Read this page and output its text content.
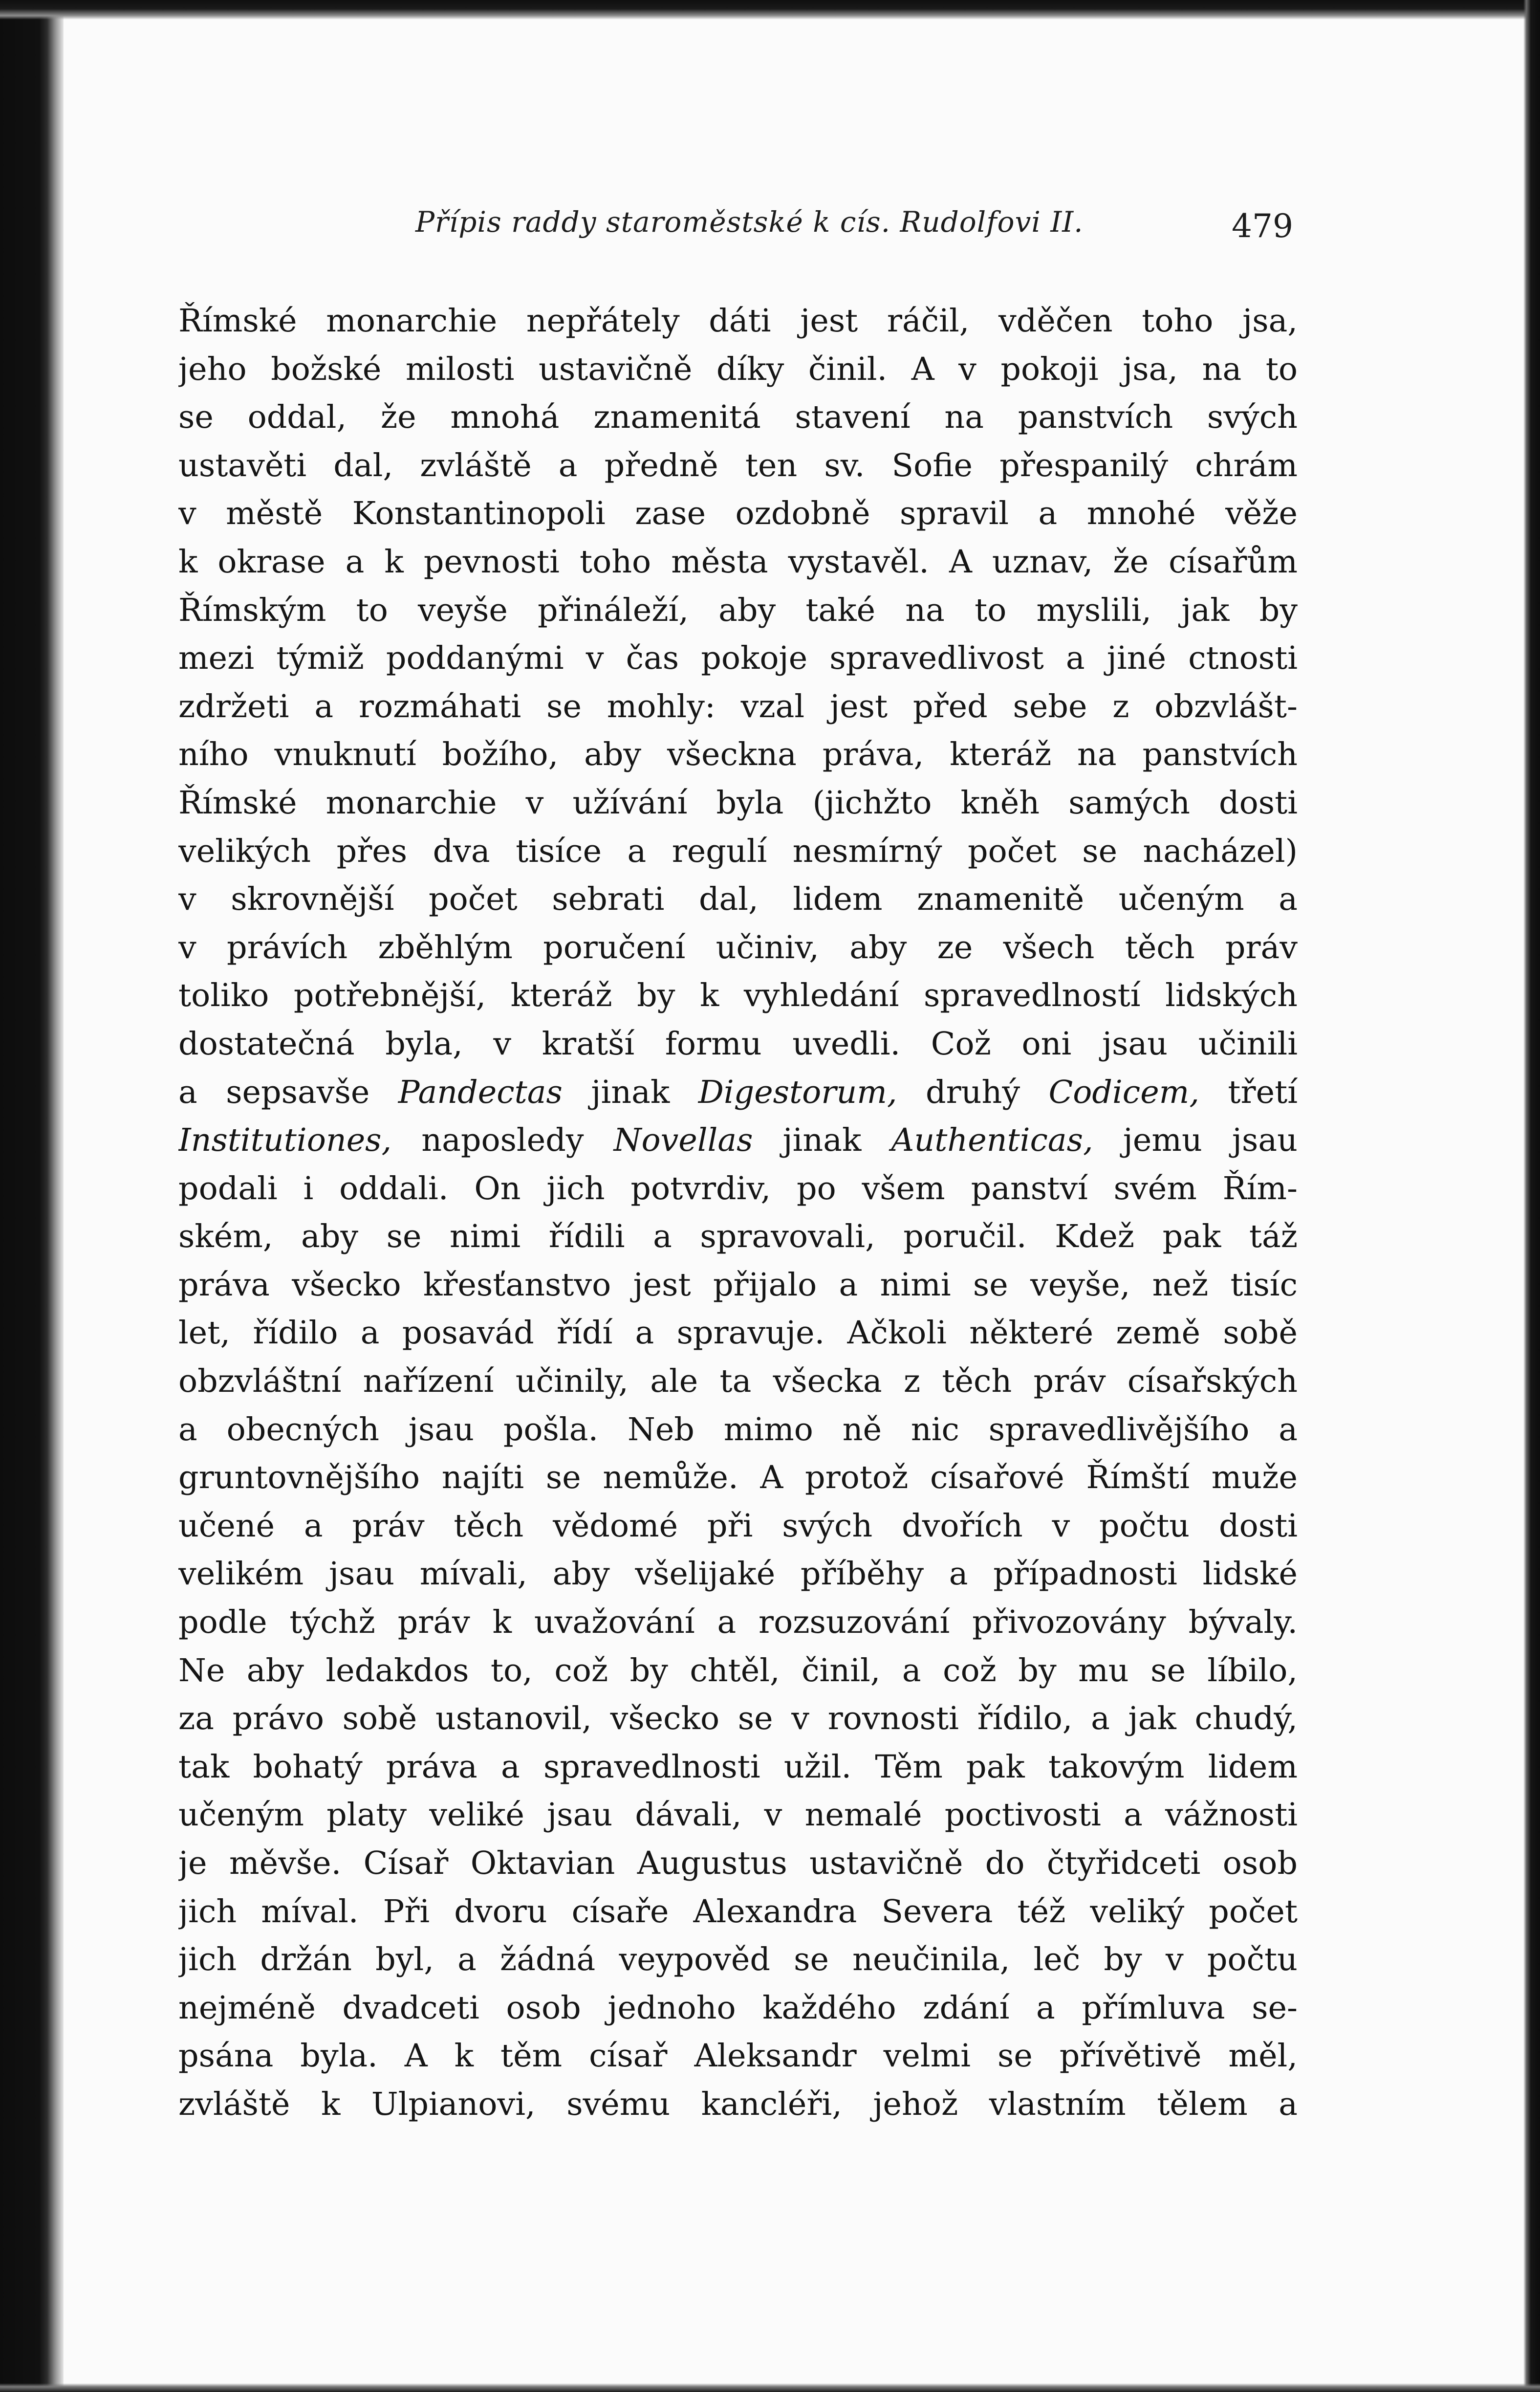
Přípis raddy staroměstské k cís. Rudolfovi II.	479
Římské monarchie nepřátely dáti jest ráčil, vděčen toho jsa,
jeho božské milosti ustavičně díky činil. A v pokoji jsa, na to
se oddal, že mnohá znamenitá stavení na panstvích svých
ustavěti dal, zvláště a předně ten sv. Sofie přespanilý chrám
v městě Konstantinopoli zase ozdobně spravil a mnohé věže
k okrase a k pevnosti toho města vystavěl. A uznav, že císařům
Římským to veyše přináleží, aby také na to myslili, jak by
mezi týmiž poddanými v čas pokoje spravedlivost a jiné ctnosti
zdržeti a rozmáhati se mohly: vzal jest před sebe z obzvlášt-
ního vnuknutí božího, aby všeckna práva, kteráž na panstvích
Římské monarchie v užívání byla (jichžto kněh samých dosti
velikých přes dva tisíce a regulí nesmírný počet se nacházel)
v skrovnější počet sebrati dal, lidem znamenitě učeným a
v právích zběhlým poručení učiniv, aby ze všech těch práv
toliko potřebnější, kteráž by k vyhledání spravedlností lidských
dostatečná byla, v kratší formu uvedli. Což oni jsau učinili
a sepsavše Pandectas jinak Digestorum, druhý Codicem, třetí
Institutiones, naposledy Novellas jinak Authenticas, jemu jsau
podali i oddali. On jich potvrdiv, po všem panství svém Řím-
ském, aby se nimi řídili a spravovali, poručil. Kdež pak táž
práva všecko křesťanstvo jest přijalo a nimi se veyše, než tisíc
let, řídilo a posavád řídí a spravuje. Ačkoli některé země sobě
obzvláštní nařízení učinily, ale ta všecka z těch práv císařských
a obecných jsau pošla. Neb mimo ně nic spravedlivějšího a
gruntovnějšího najíti se nemůže. A protož císařové Římští muže
učené a práv těch vědomé při svých dvořích v počtu dosti
velikém jsau mívali, aby všelijaké příběhy a případnosti lidské
podle týchž práv k uvažování a rozsuzování přivozovány bývaly.
Ne aby ledakdos to, což by chtěl, činil, a což by mu se líbilo,
za právo sobě ustanovil, všecko se v rovnosti řídilo, a jak chudý,
tak bohatý práva a spravedlnosti užil. Těm pak takovým lidem
učeným platy veliké jsau dávali, v nemalé poctivosti a vážnosti
je měvše. Císař Oktavian Augustus ustavičně do čtyřidceti osob
jich míval. Při dvoru císaře Alexandra Severa též veliký počet
jich držán byl, a žádná veypověd se neučinila, leč by v počtu
nejméně dvadceti osob jednoho každého zdání a přímluva se-
psána byla. A k těm císař Aleksandr velmi se přívětivě měl,
zvláště k Ulpianovi, svému kancléři, jehož vlastním tělem a
